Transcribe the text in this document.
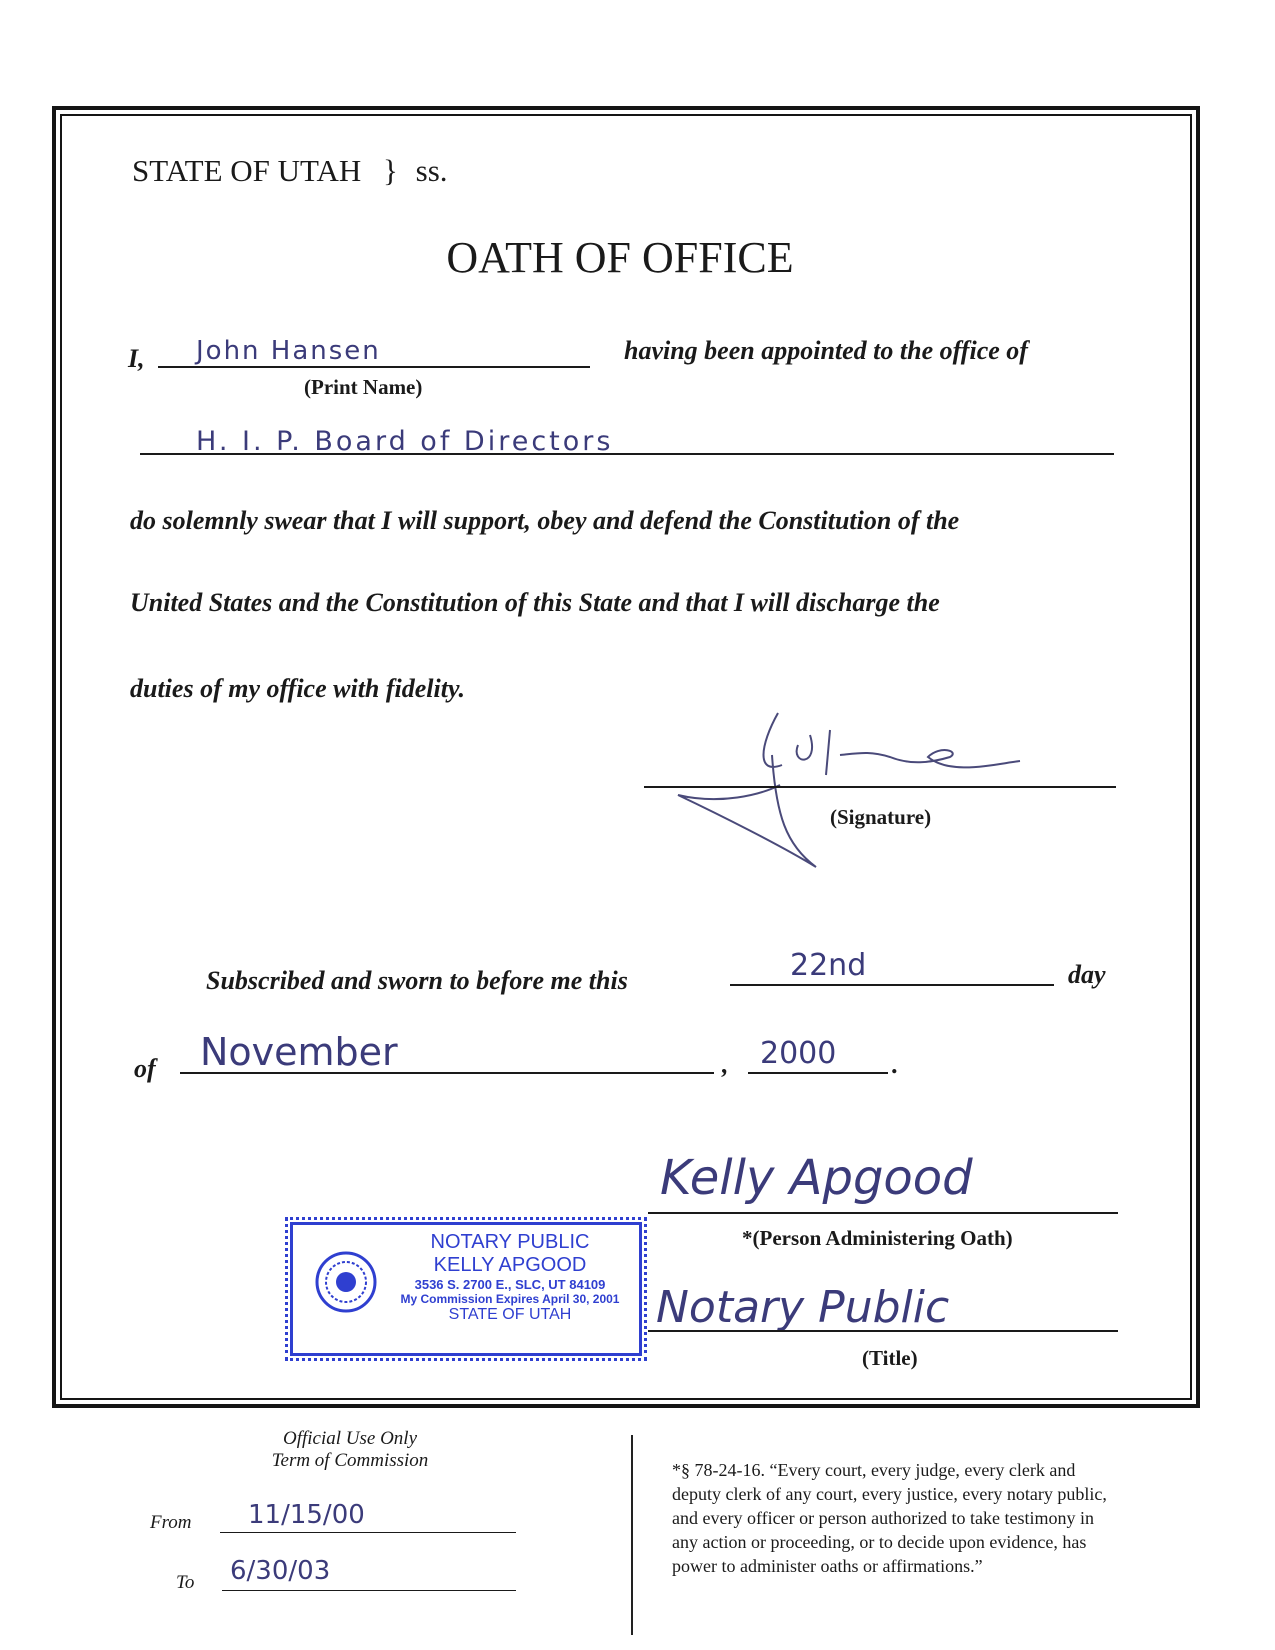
STATE OF UTAH } ss.
OATH OF OFFICE
I, John Hansen
(Print Name)
having been appointed to the office of
H. I. P. Board of Directors
do solemnly swear that I will support, obey and defend the Constitution of the
United States and the Constitution of this State and that I will discharge the
duties of my office with fidelity.
(Signature)
Subscribed and sworn to before me this	22nd	day
of November	, 2000 .
Kelly Apgood
*(Person Administering Oath)
Notary Public
(Title)
NOTARY PUBLIC
KELLY APGOOD
3536 S. 2700 E., SLC, UT 84109
My Commission Expires April 30, 2001
STATE OF UTAH
Official Use Only
Term of Commission
From 11/15/00
To 6/30/03
*§ 78-24-16. “Every court, every judge, every clerk and
deputy clerk of any court, every justice, every notary public,
and every officer or person authorized to take testimony in
any action or proceeding, or to decide upon evidence, has
power to administer oaths or affirmations.”
